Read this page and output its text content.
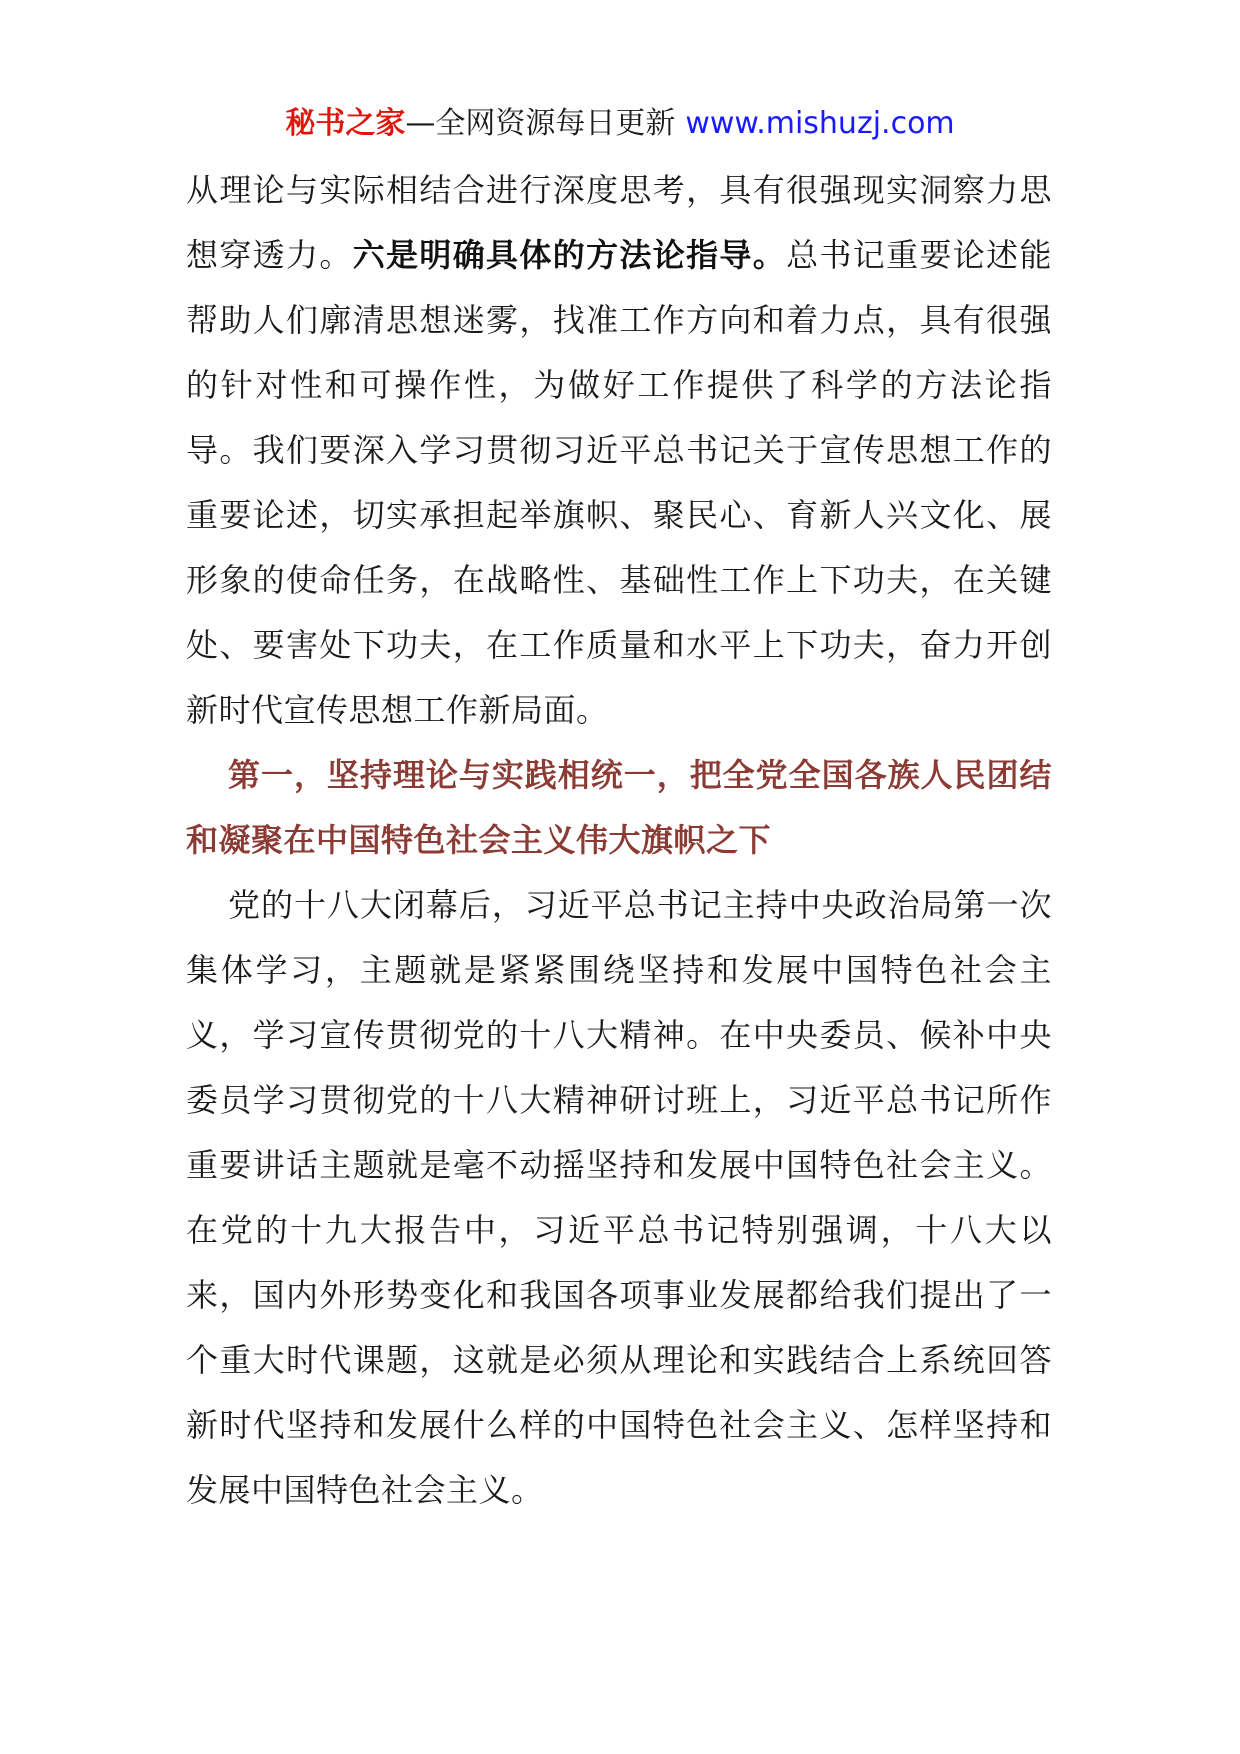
秘书之家—全网资源每日更新 www.mishuzj.com

从理论与实际相结合进行深度思考，具有很强现实洞察力思想穿透力。六是明确具体的方法论指导。总书记重要论述能帮助人们廓清思想迷雾，找准工作方向和着力点，具有很强的针对性和可操作性，为做好工作提供了科学的方法论指导。我们要深入学习贯彻习近平总书记关于宣传思想工作的重要论述，切实承担起举旗帜、聚民心、育新人兴文化、展形象的使命任务，在战略性、基础性工作上下功夫，在关键处、要害处下功夫，在工作质量和水平上下功夫，奋力开创新时代宣传思想工作新局面。

第一，坚持理论与实践相统一，把全党全国各族人民团结和凝聚在中国特色社会主义伟大旗帜之下

党的十八大闭幕后，习近平总书记主持中央政治局第一次集体学习，主题就是紧紧围绕坚持和发展中国特色社会主义，学习宣传贯彻党的十八大精神。在中央委员、候补中央委员学习贯彻党的十八大精神研讨班上，习近平总书记所作重要讲话主题就是毫不动摇坚持和发展中国特色社会主义。在党的十九大报告中，习近平总书记特别强调，十八大以来，国内外形势变化和我国各项事业发展都给我们提出了一个重大时代课题，这就是必须从理论和实践结合上系统回答新时代坚持和发展什么样的中国特色社会主义、怎样坚持和发展中国特色社会主义。
